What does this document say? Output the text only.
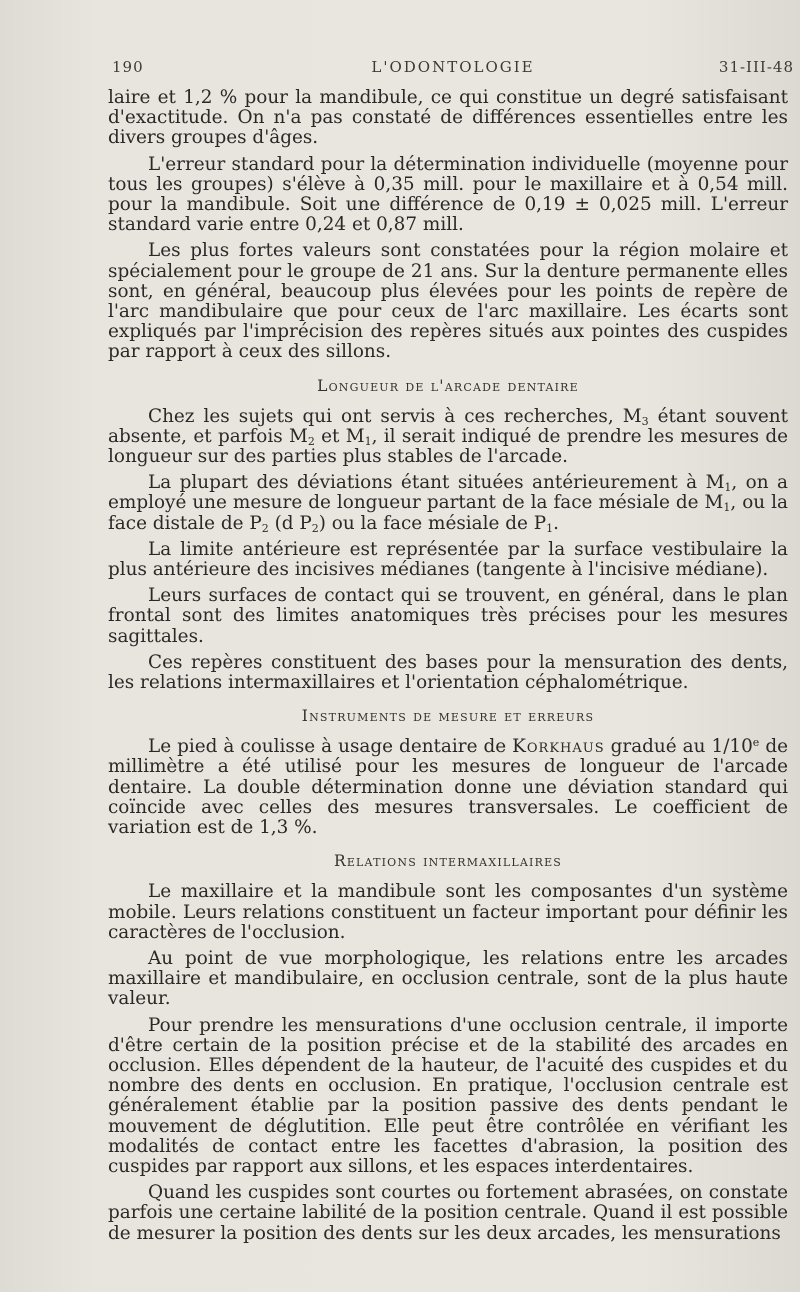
190	L'ODONTOLOGIE	31-III-48

laire et 1,2 % pour la mandibule, ce qui constitue un degré satisfaisant d'exactitude. On n'a pas constaté de différences essentielles entre les divers groupes d'âges.

L'erreur standard pour la détermination individuelle (moyenne pour tous les groupes) s'élève à 0,35 mill. pour le maxillaire et à 0,54 mill. pour la mandibule. Soit une différence de 0,19 ± 0,025 mill. L'erreur standard varie entre 0,24 et 0,87 mill.

Les plus fortes valeurs sont constatées pour la région molaire et spécialement pour le groupe de 21 ans. Sur la denture permanente elles sont, en général, beaucoup plus élevées pour les points de repère de l'arc mandibulaire que pour ceux de l'arc maxillaire. Les écarts sont expliqués par l'imprécision des repères situés aux pointes des cuspides par rapport à ceux des sillons.

Longueur de l'arcade dentaire

Chez les sujets qui ont servis à ces recherches, $M_3$ étant souvent absente, et parfois $M_2$ et $M_1$, il serait indiqué de prendre les mesures de longueur sur des parties plus stables de l'arcade.

La plupart des déviations étant situées antérieurement à $M_1$, on a employé une mesure de longueur partant de la face mésiale de $M_1$, ou la face distale de $P_2$ (d $P_2$) ou la face mésiale de $P_1$.

La limite antérieure est représentée par la surface vestibulaire la plus antérieure des incisives médianes (tangente à l'incisive médiane).

Leurs surfaces de contact qui se trouvent, en général, dans le plan frontal sont des limites anatomiques très précises pour les mesures sagittales.

Ces repères constituent des bases pour la mensuration des dents, les relations intermaxillaires et l'orientation céphalométrique.

Instruments de mesure et erreurs

Le pied à coulisse à usage dentaire de Korkhaus gradué au 1/10e de millimètre a été utilisé pour les mesures de longueur de l'arcade dentaire. La double détermination donne une déviation standard qui coïncide avec celles des mesures transversales. Le coefficient de variation est de 1,3 %.

Relations intermaxillaires

Le maxillaire et la mandibule sont les composantes d'un système mobile. Leurs relations constituent un facteur important pour définir les caractères de l'occlusion.

Au point de vue morphologique, les relations entre les arcades maxillaire et mandibulaire, en occlusion centrale, sont de la plus haute valeur.

Pour prendre les mensurations d'une occlusion centrale, il importe d'être certain de la position précise et de la stabilité des arcades en occlusion. Elles dépendent de la hauteur, de l'acuité des cuspides et du nombre des dents en occlusion. En pratique, l'occlusion centrale est généralement établie par la position passive des dents pendant le mouvement de déglutition. Elle peut être contrôlée en vérifiant les modalités de contact entre les facettes d'abrasion, la position des cuspides par rapport aux sillons, et les espaces interdentaires.

Quand les cuspides sont courtes ou fortement abrasées, on constate parfois une certaine labilité de la position centrale. Quand il est possible de mesurer la position des dents sur les deux arcades, les mensurations
